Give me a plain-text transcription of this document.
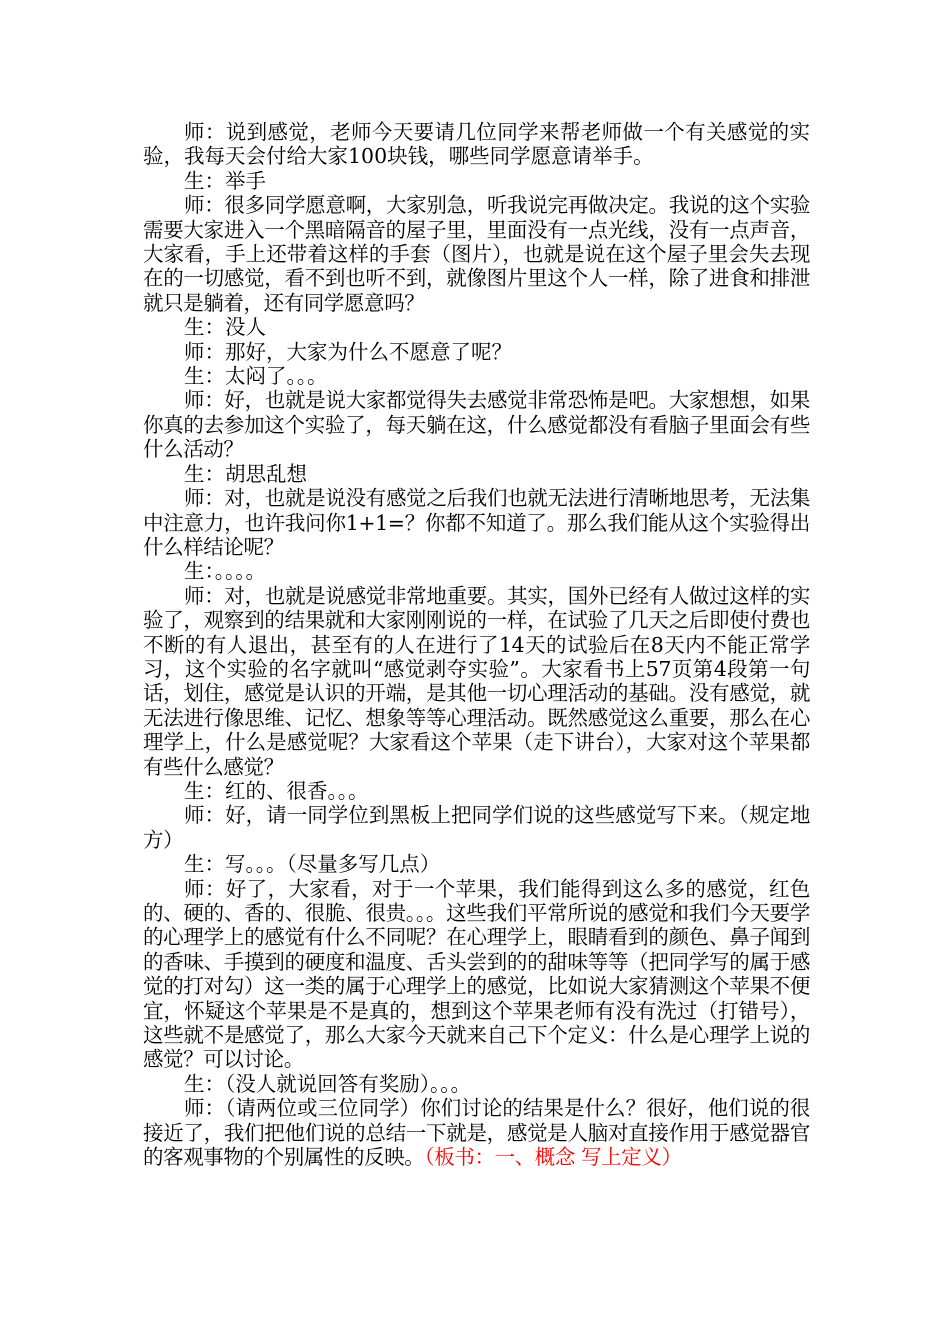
师：说到感觉，老师今天要请几位同学来帮老师做一个有关感觉的实验，我每天会付给大家100块钱，哪些同学愿意请举手。

生：举手

师：很多同学愿意啊，大家别急，听我说完再做决定。我说的这个实验需要大家进入一个黑暗隔音的屋子里，里面没有一点光线，没有一点声音，大家看，手上还带着这样的手套（图片），也就是说在这个屋子里会失去现在的一切感觉，看不到也听不到，就像图片里这个人一样，除了进食和排泄就只是躺着，还有同学愿意吗？

生：没人

师：那好，大家为什么不愿意了呢？

生：太闷了。。。

师：好，也就是说大家都觉得失去感觉非常恐怖是吧。大家想想，如果你真的去参加这个实验了，每天躺在这，什么感觉都没有看脑子里面会有些什么活动？

生：胡思乱想

师：对，也就是说没有感觉之后我们也就无法进行清晰地思考，无法集中注意力，也许我问你1+1=？你都不知道了。那么我们能从这个实验得出什么样结论呢？

生：。。。。

师：对，也就是说感觉非常地重要。其实，国外已经有人做过这样的实验了，观察到的结果就和大家刚刚说的一样，在试验了几天之后即使付费也不断的有人退出，甚至有的人在进行了14天的试验后在8天内不能正常学习，这个实验的名字就叫“感觉剥夺实验”。大家看书上57页第4段第一句话，划住，感觉是认识的开端，是其他一切心理活动的基础。没有感觉，就无法进行像思维、记忆、想象等等心理活动。既然感觉这么重要，那么在心理学上，什么是感觉呢？大家看这个苹果（走下讲台），大家对这个苹果都有些什么感觉？

生：红的、很香。。。

师：好，请一同学位到黑板上把同学们说的这些感觉写下来。（规定地方）

生：写。。。（尽量多写几点）

师：好了，大家看，对于一个苹果，我们能得到这么多的感觉，红色的、硬的、香的、很脆、很贵。。。这些我们平常所说的感觉和我们今天要学的心理学上的感觉有什么不同呢？在心理学上，眼睛看到的颜色、鼻子闻到的香味、手摸到的硬度和温度、舌头尝到的的甜味等等（把同学写的属于感觉的打对勾）这一类的属于心理学上的感觉，比如说大家猜测这个苹果不便宜，怀疑这个苹果是不是真的，想到这个苹果老师有没有洗过（打错号），这些就不是感觉了，那么大家今天就来自己下个定义：什么是心理学上说的感觉？可以讨论。

生：（没人就说回答有奖励）。。。

师：（请两位或三位同学）你们讨论的结果是什么？很好，他们说的很接近了，我们把他们说的总结一下就是，感觉是人脑对直接作用于感觉器官的客观事物的个别属性的反映。（板书：一、概念 写上定义）
